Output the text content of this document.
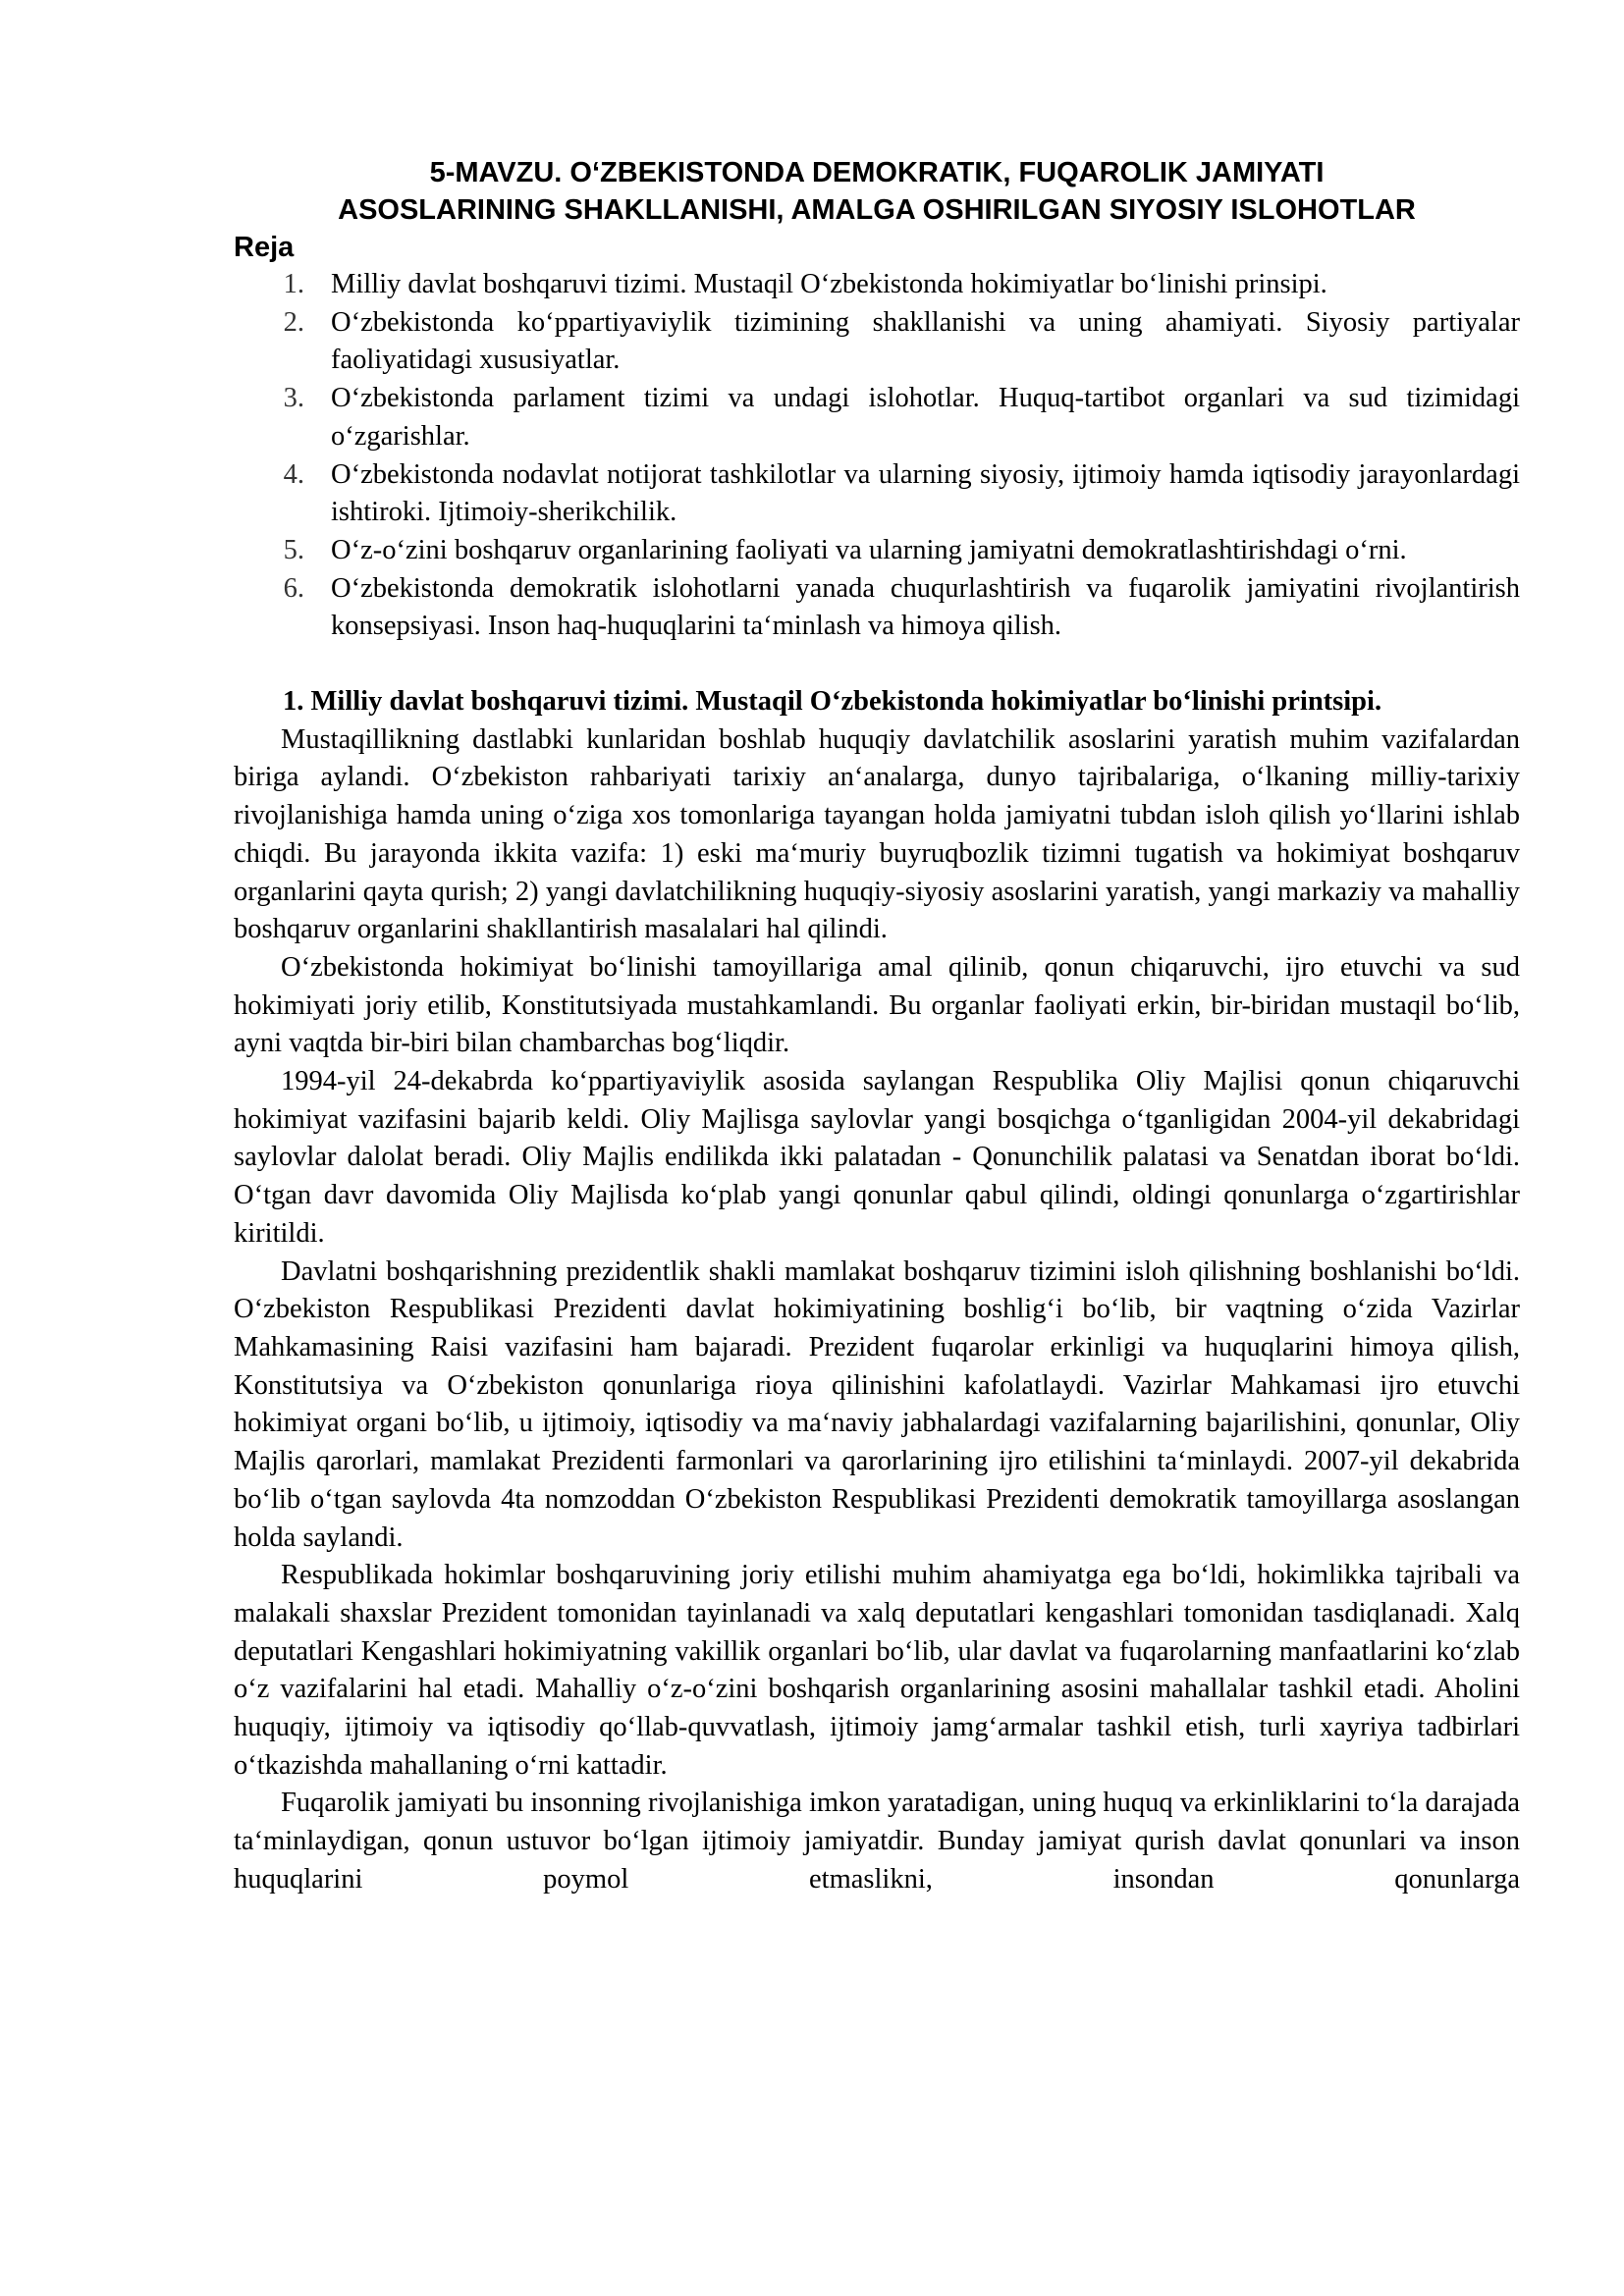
5-MAVZU. O‘ZBEKISTONDA DEMOKRATIK, FUQAROLIK JAMIYATI
ASOSLARINING SHAKLLANISHI, AMALGA OSHIRILGAN SIYOSIY ISLOHOTLAR

Reja

1. Milliy davlat boshqaruvi tizimi. Mustaqil O‘zbekistonda hokimiyatlar bo‘linishi prinsipi.
2. O‘zbekistonda ko‘ppartiyaviylik tizimining shakllanishi va uning ahamiyati. Siyosiy partiyalar faoliyatidagi xususiyatlar.
3. O‘zbekistonda parlament tizimi va undagi islohotlar. Huquq-tartibot organlari va sud tizimidagi o‘zgarishlar.
4. O‘zbekistonda nodavlat notijorat tashkilotlar va ularning siyosiy, ijtimoiy hamda iqtisodiy jarayonlardagi ishtiroki. Ijtimoiy-sherikchilik.
5. O‘z-o‘zini boshqaruv organlarining faoliyati va ularning jamiyatni demokratlashtirishdagi o‘rni.
6. O‘zbekistonda demokratik islohotlarni yanada chuqurlashtirish va fuqarolik jamiyatini rivojlantirish konsepsiyasi. Inson haq-huquqlarini ta‘minlash va himoya qilish.

1. Milliy davlat boshqaruvi tizimi. Mustaqil O‘zbekistonda hokimiyatlar bo‘linishi printsipi.

Mustaqillikning dastlabki kunlaridan boshlab huquqiy davlatchilik asoslarini yaratish muhim vazifalardan biriga aylandi. O‘zbekiston rahbariyati tarixiy an‘analarga, dunyo tajribalariga, o‘lkaning milliy-tarixiy rivojlanishiga hamda uning o‘ziga xos tomonlariga tayangan holda jamiyatni tubdan isloh qilish yo‘llarini ishlab chiqdi. Bu jarayonda ikkita vazifa: 1) eski ma‘muriy buyruqbozlik tizimni tugatish va hokimiyat boshqaruv organlarini qayta qurish; 2) yangi davlatchilikning huquqiy-siyosiy asoslarini yaratish, yangi markaziy va mahalliy boshqaruv organlarini shakllantirish masalalari hal qilindi.

O‘zbekistonda hokimiyat bo‘linishi tamoyillariga amal qilinib, qonun chiqaruvchi, ijro etuvchi va sud hokimiyati joriy etilib, Konstitutsiyada mustahkamlandi. Bu organlar faoliyati erkin, bir-biridan mustaqil bo‘lib, ayni vaqtda bir-biri bilan chambarchas bog‘liqdir.

1994-yil 24-dekabrda ko‘ppartiyaviylik asosida saylangan Respublika Oliy Majlisi qonun chiqaruvchi hokimiyat vazifasini bajarib keldi. Oliy Majlisga saylovlar yangi bosqichga o‘tganligidan 2004-yil dekabridagi saylovlar dalolat beradi. Oliy Majlis endilikda ikki palatadan - Qonunchilik palatasi va Senatdan iborat bo‘ldi. O‘tgan davr davomida Oliy Majlisda ko‘plab yangi qonunlar qabul qilindi, oldingi qonunlarga o‘zgartirishlar kiritildi.

Davlatni boshqarishning prezidentlik shakli mamlakat boshqaruv tizimini isloh qilishning boshlanishi bo‘ldi. O‘zbekiston Respublikasi Prezidenti davlat hokimiyatining boshlig‘i bo‘lib, bir vaqtning o‘zida Vazirlar Mahkamasining Raisi vazifasini ham bajaradi. Prezident fuqarolar erkinligi va huquqlarini himoya qilish, Konstitutsiya va O‘zbekiston qonunlariga rioya qilinishini kafolatlaydi. Vazirlar Mahkamasi ijro etuvchi hokimiyat organi bo‘lib, u ijtimoiy, iqtisodiy va ma‘naviy jabhalardagi vazifalarning bajarilishini, qonunlar, Oliy Majlis qarorlari, mamlakat Prezidenti farmonlari va qarorlarining ijro etilishini ta‘minlaydi. 2007-yil dekabrida bo‘lib o‘tgan saylovda 4ta nomzoddan O‘zbekiston Respublikasi Prezidenti demokratik tamoyillarga asoslangan holda saylandi.

Respublikada hokimlar boshqaruvining joriy etilishi muhim ahamiyatga ega bo‘ldi, hokimlikka tajribali va malakali shaxslar Prezident tomonidan tayinlanadi va xalq deputatlari kengashlari tomonidan tasdiqlanadi. Xalq deputatlari Kengashlari hokimiyatning vakillik organlari bo‘lib, ular davlat va fuqarolarning manfaatlarini ko‘zlab o‘z vazifalarini hal etadi. Mahalliy o‘z-o‘zini boshqarish organlarining asosini mahallalar tashkil etadi. Aholini huquqiy, ijtimoiy va iqtisodiy qo‘llab-quvvatlash, ijtimoiy jamg‘armalar tashkil etish, turli xayriya tadbirlari o‘tkazishda mahallaning o‘rni kattadir.

Fuqarolik jamiyati bu insonning rivojlanishiga imkon yaratadigan, uning huquq va erkinliklarini to‘la darajada ta‘minlaydigan, qonun ustuvor bo‘lgan ijtimoiy jamiyatdir. Bunday jamiyat qurish davlat qonunlari va inson huquqlarini poymol etmaslikni, insondan qonunlarga
